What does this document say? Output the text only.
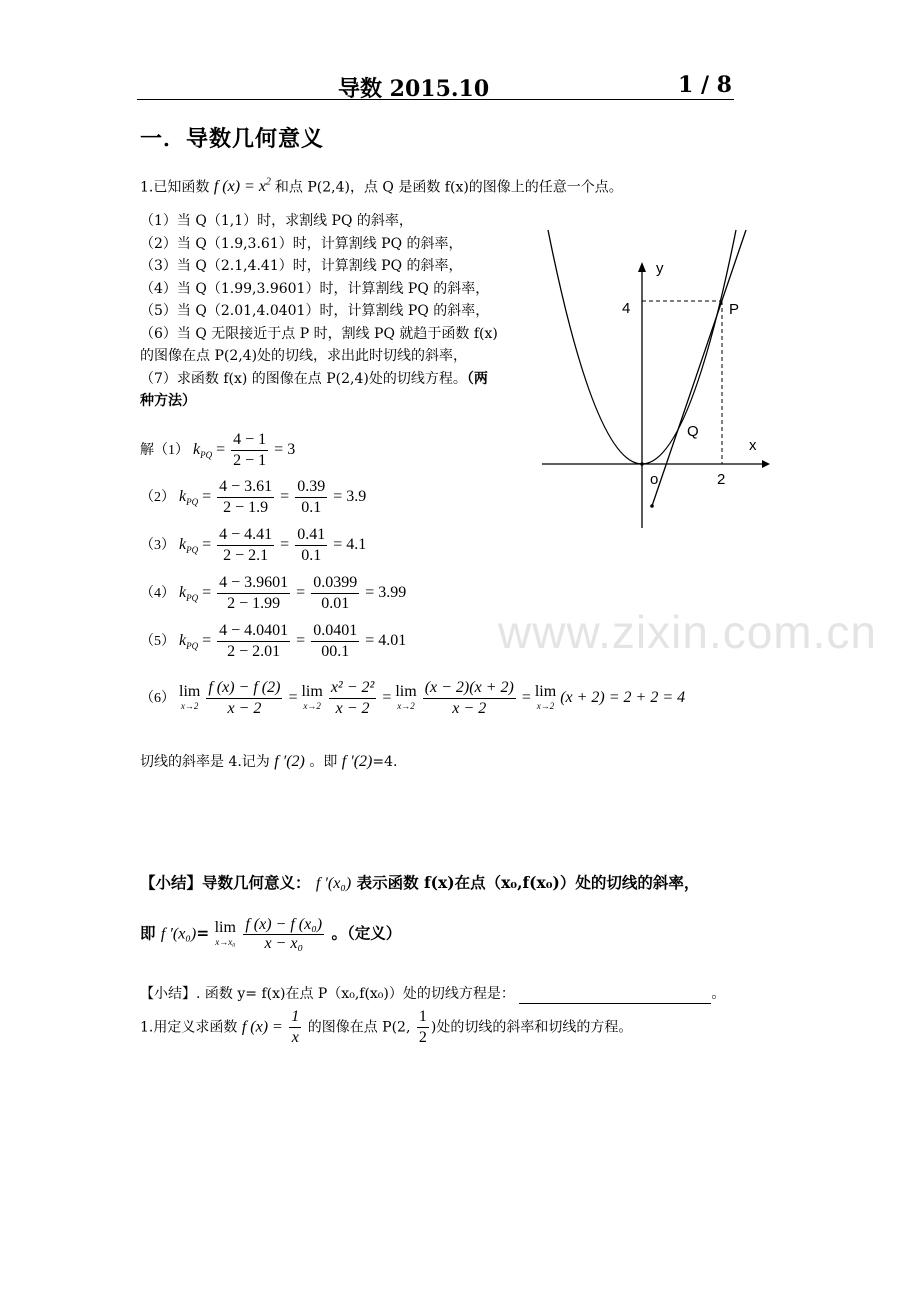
导数 2015.10	1 / 8
一．导数几何意义
1.已知函数 f $(x) = x^2$ 和点 P(2,4)，点 Q 是函数 f(x)的图像上的任意一个点。
（1）当 Q（1,1）时，求割线 PQ 的斜率，
（2）当 Q（1.9,3.61）时，计算割线 PQ 的斜率，
（3）当 Q（2.1,4.41）时，计算割线 PQ 的斜率，
（4）当 Q（1.99,3.9601）时，计算割线 PQ 的斜率，
（5）当 Q（2.01,4.0401）时，计算割线 PQ 的斜率，
（6）当 Q 无限接近于点 P 时，割线 PQ 就趋于函数 f(x)
的图像在点 P(2,4)处的切线，求出此时切线的斜率，
（7）求函数 f(x) 的图像在点 P(2,4)处的切线方程。（两
种方法）
y
x
o
4
2
P
Q
解（1） $k_{PQ} = \frac{4 - 1}{2 - 1} = 3$
（2） $k_{PQ} = \frac{4 - 3.61}{2 - 1.9} = \frac{0.39}{0.1} = 3.9$
（3） $k_{PQ} = \frac{4 - 4.41}{2 - 2.1} = \frac{0.41}{0.1} = 4.1$
（4） $k_{PQ} = \frac{4 - 3.9601}{2 - 1.99} = \frac{0.0399}{0.01} = 3.99$
（5） $k_{PQ} = \frac{4 - 4.0401}{2 - 2.01} = \frac{0.0401}{00.1} = 4.01$
（6） lim
x→2
$\frac{f (x) - f (2)}{x - 2} = \lim$
x→2
$\frac{\text{x² − 2²}}{x - 2} = \lim$
x→2
$\frac{(x - 2)(x + 2)}{x - 2} = \lim$
x→2 (x + 2) = 2 + 2 = 4
切线的斜率是 4.记为 f ′(2) 。即 f ′(2)=4.
【小结】导数几何意义： f ′(x₀) 表示函数 f(x)在点（x₀,f(x₀)）处的切线的斜率，
即 f ′(x₀)= lim
x→x₀
$\frac{\text{f (x) − f (x₀)}}{\text{x − x₀}}$ 。（定义）
【小结】. 函数 y= f(x)在点 P（x₀,f(x₀)）处的切线方程是：	。
1.用定义求函数 f $(x) = \frac{1}{x}$ 的图像在点 P(2, $\frac{1}{2}$ )处的切线的斜率和切线的方程。
www.zixin.com.cn
